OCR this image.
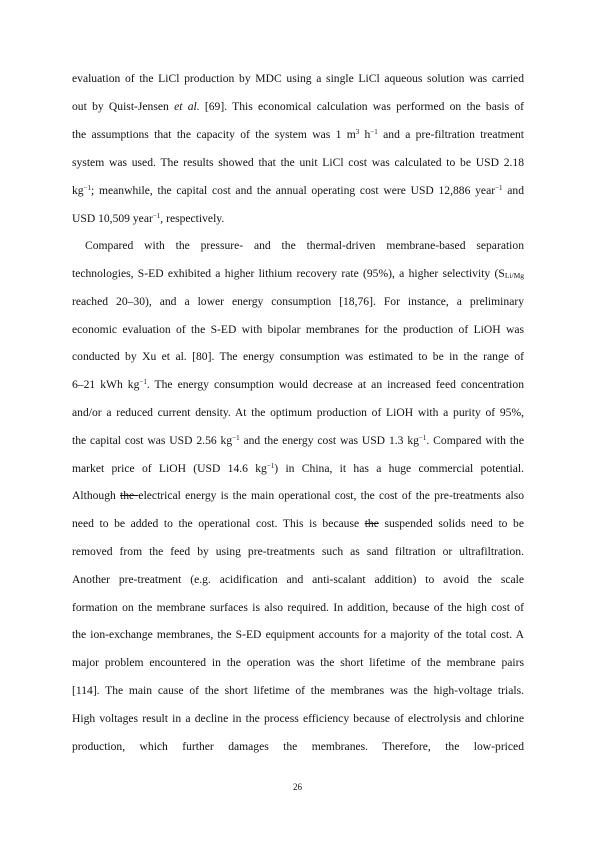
evaluation of the LiCl production by MDC using a single LiCl aqueous solution was carried
out by Quist-Jensen et al. [69]. This economical calculation was performed on the basis of
the assumptions that the capacity of the system was 1 $m^3$ $h^{-1}$ and a pre-filtration treatment
system was used. The results showed that the unit LiCl cost was calculated to be USD 2.18
$kg^{-1}$; meanwhile, the capital cost and the annual operating cost were USD 12,886 year$^{-1}$ and
USD 10,509 year$^{-1}$, respectively.
Compared with the pressure- and the thermal-driven membrane-based separation
technologies, S-ED exhibited a higher lithium recovery rate (95%), a higher selectivity ($S_{Li/Mg}$
reached 20–30), and a lower energy consumption [18,76]. For instance, a preliminary
economic evaluation of the S-ED with bipolar membranes for the production of LiOH was
conducted by Xu et al. [80]. The energy consumption was estimated to be in the range of
6–21 kWh $kg^{-1}$. The energy consumption would decrease at an increased feed concentration
and/or a reduced current density. At the optimum production of LiOH with a purity of 95%,
the capital cost was USD 2.56 $kg^{-1}$ and the energy cost was USD 1.3 $kg^{-1}$. Compared with the
market price of LiOH (USD 14.6 $kg^{-1}$) in China, it has a huge commercial potential.
Although the electrical energy is the main operational cost, the cost of the pre-treatments also
need to be added to the operational cost. This is because the suspended solids need to be
removed from the feed by using pre-treatments such as sand filtration or ultrafiltration.
Another pre-treatment (e.g. acidification and anti-scalant addition) to avoid the scale
formation on the membrane surfaces is also required. In addition, because of the high cost of
the ion-exchange membranes, the S-ED equipment accounts for a majority of the total cost. A
major problem encountered in the operation was the short lifetime of the membrane pairs
[114]. The main cause of the short lifetime of the membranes was the high-voltage trials.
High voltages result in a decline in the process efficiency because of electrolysis and chlorine
production, which further damages the membranes. Therefore, the low-priced
26
